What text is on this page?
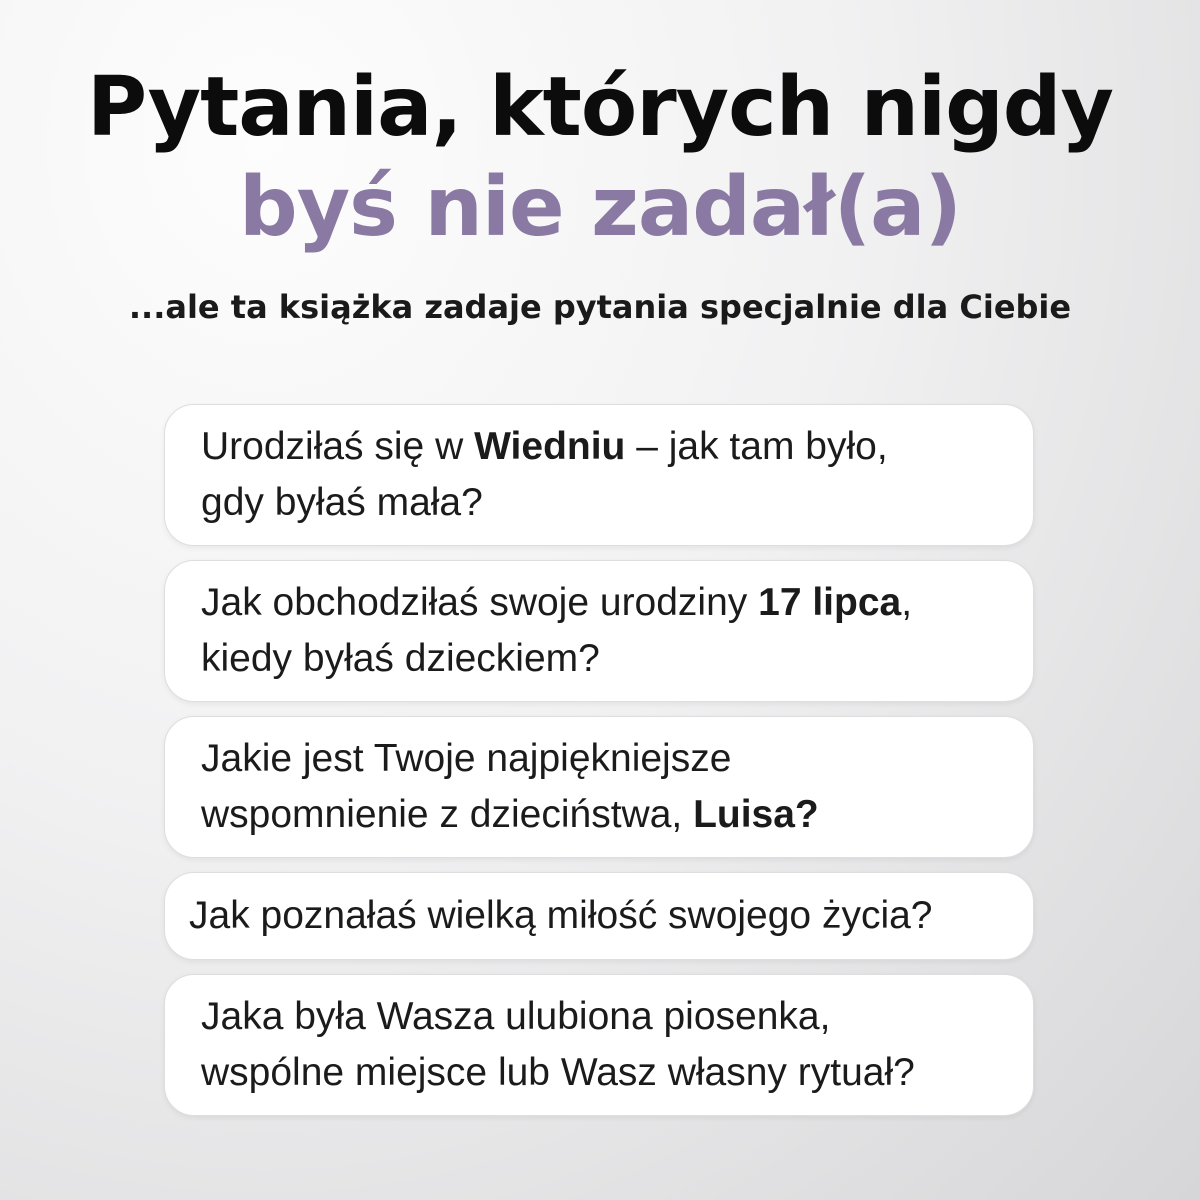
Pytania, których nigdy
byś nie zadał(a)
...ale ta książka zadaje pytania specjalnie dla Ciebie
Urodziłaś się w Wiedniu – jak tam było,
gdy byłaś mała?
Jak obchodziłaś swoje urodziny 17 lipca,
kiedy byłaś dzieckiem?
Jakie jest Twoje najpiękniejsze
wspomnienie z dzieciństwa, Luisa?
Jak poznałaś wielką miłość swojego życia?
Jaka była Wasza ulubiona piosenka,
wspólne miejsce lub Wasz własny rytuał?
